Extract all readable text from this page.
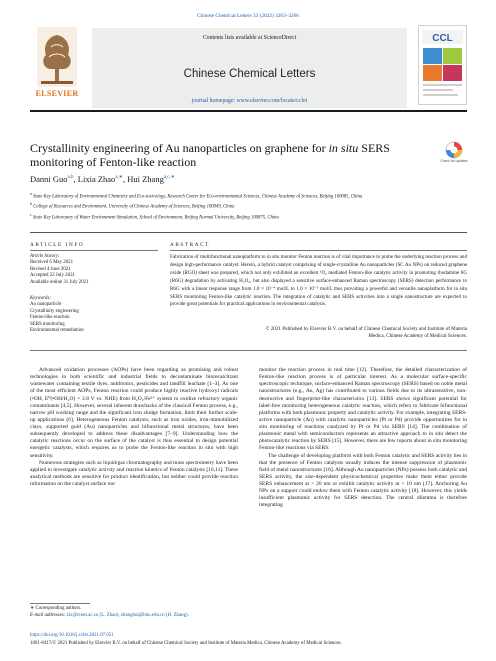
Chinese Chemical Letters 33 (2022) 3263–3266
ELSEVIER
Contents lists available at ScienceDirect
Chinese Chemical Letters
journal homepage: www.elsevier.com/locate/cclet
CCL
Crystallinity engineering of Au nanoparticles on graphene for in situ SERS monitoring of Fenton-like reaction	Check for updates
Danni Guo$^{a,b}$, Lixia Zhao$^{a,∗}$, Hui Zhang$^{a,c,∗}$
$^a$ State Key Laboratory of Environmental Chemistry and Eco-toxicology, Research Center for Eco-environmental Sciences, Chinese Academy of Sciences, Beijing 100085, China
$^b$ College of Resources and Environment, University of Chinese Academy of Sciences, Beijing 100049, China
$^c$ State Key Laboratory of Water Environment Simulation, School of Environment, Beijing Normal University, Beijing 100875, China
ARTICLE INFO	ABSTRACT
Article history:
Received 6 May 2021
Revised 4 June 2021
Accepted 22 July 2021
Available online 31 July 2021
Keywords:
Au nanoparticle
Crystallinity engineering
Fenton-like reaction
SERS monitoring
Environmental remediation
Fabrication of multifunctional nanoplatform to in situ monitor Fenton reaction is of vital importance to probe the underlying reaction process and design high-performance catalyst. Herein, a hybrid catalyst comprising of single-crystalline Au nanoparticles (SC Au NPs) on reduced graphene oxide (RGO) sheet was prepared, which not only exhibited an excellent ¹O₂ mediated Fenton-like catalytic activity in promoting rhodamine 6G (R6G) degradation by activating H₂O₂, but also displayed a sensitive surface-enhanced Raman spectroscopy (SERS) detection performance to R6G with a linear response range from 1.0 × 10⁻⁴ mol/L to 1.0 × 10⁻⁵ mol/L thus providing a powerful and versatile nanoplatform for in situ SERS monitoring Fenton-like catalytic reaction. The integration of catalytic and SERS activities into a single nanostructure are expected to provide great potentials for practical applications in environmental catalysis.
© 2021 Published by Elsevier B.V. on behalf of Chinese Chemical Society and Institute of Materia
Medica, Chinese Academy of Medical Sciences.

Advanced oxidation processes (AOPs) have been regarding as promising and robust technologies in both scientific and industrial fields to decontaminate biorecalcitrant wastewater containing textile dyes, antibiotics, pesticides and landfill leachate [1–3]. As one of the most efficient AOPs, Fenton reaction could produce highly reactive hydroxyl radicals (•OH, E⁰(•OH/H₂O) = 2.8 V vs. NHE) from H₂O₂/Fe²⁺ system to oxidize refractory organic contaminants [4,5]. However, several inherent drawbacks of the classical Fenton process, e.g., narrow pH working range and the significant iron sludge formation, limit their further scale-up applications [6]. Heterogeneous Fenton catalysts, such as iron oxides, iron-immobilized clays, supported gold (Au) nanoparticles and bifunctional metal structures, have been subsequently developed to address these disadvantages [7–9]. Understanding how the catalytic reactions occur on the surface of the catalyst is thus essential to design potential energetic catalysts, which requires us to probe the Fenton-like reaction in situ with high sensitivity.

Numerous strategies such as liquid/gas chromatography and mass spectrometry have been applied to investigate catalytic activity and reaction kinetics of Fenton catalysts [10,11]. These analytical methods are sensitive for product identification, but neither could provide reaction information on the catalyst surface nor

monitor the reaction process in real time [12]. Therefore, the detailed characterization of Fenton-like reaction process is of particular interest. As a molecular surface-specific spectroscopic technique, surface-enhanced Raman spectroscopy (SERS) based on noble metal nanostructures (e.g., Au, Ag) has contributed to various fields due to its ultrasensitive, non-destructive and fingerprint-like characteristics [13]. SERS shows significant potential for label-free monitoring heterogeneous catalytic reaction, which refers to fabricate bifunctional platforms with both plasmonic property and catalytic activity. For example, integrating SERS-active nanoparticle (Au) with catalytic nanoparticles (Pt or Pd) provide opportunities for in situ monitoring of reactions catalyzed by Pt or Pd via SERS [14]. The combination of plasmonic metal with semiconductors represents an attractive approach to in situ detect the photocatalytic reaction by SERS [15]. However, there are few reports about in situ monitoring Fenton-like reactions via SERS.

The challenge of developing platform with both Fenton catalytic and SERS activity lies in that the presence of Fenton catalysts usually induces the intense suppression of plasmonic field of metal nanostructures [16]. Although Au nanoparticles (NPs) possess both catalytic and SERS activity, the size-dependent physicochemical properties make them either provide SERS enhancement at > 20 nm or exhibit catalytic activity at < 10 nm [17]. Anchoring Au NPs on a support could endow them with Fenton catalytic activity [18]. However, this yields insufficient plasmonic activity for SERS detection. The central dilemma is therefore integrating

∗ Corresponding authors.
E-mail addresses: zlx@rcees.ac.cn (L. Zhao), zhanghui@bnu.edu.cn (H. Zhang).
https://doi.org/10.1016/j.cclet.2021.07.051
1001-8417/© 2021 Published by Elsevier B.V. on behalf of Chinese Chemical Society and Institute of Materia Medica, Chinese Academy of Medical Sciences.
